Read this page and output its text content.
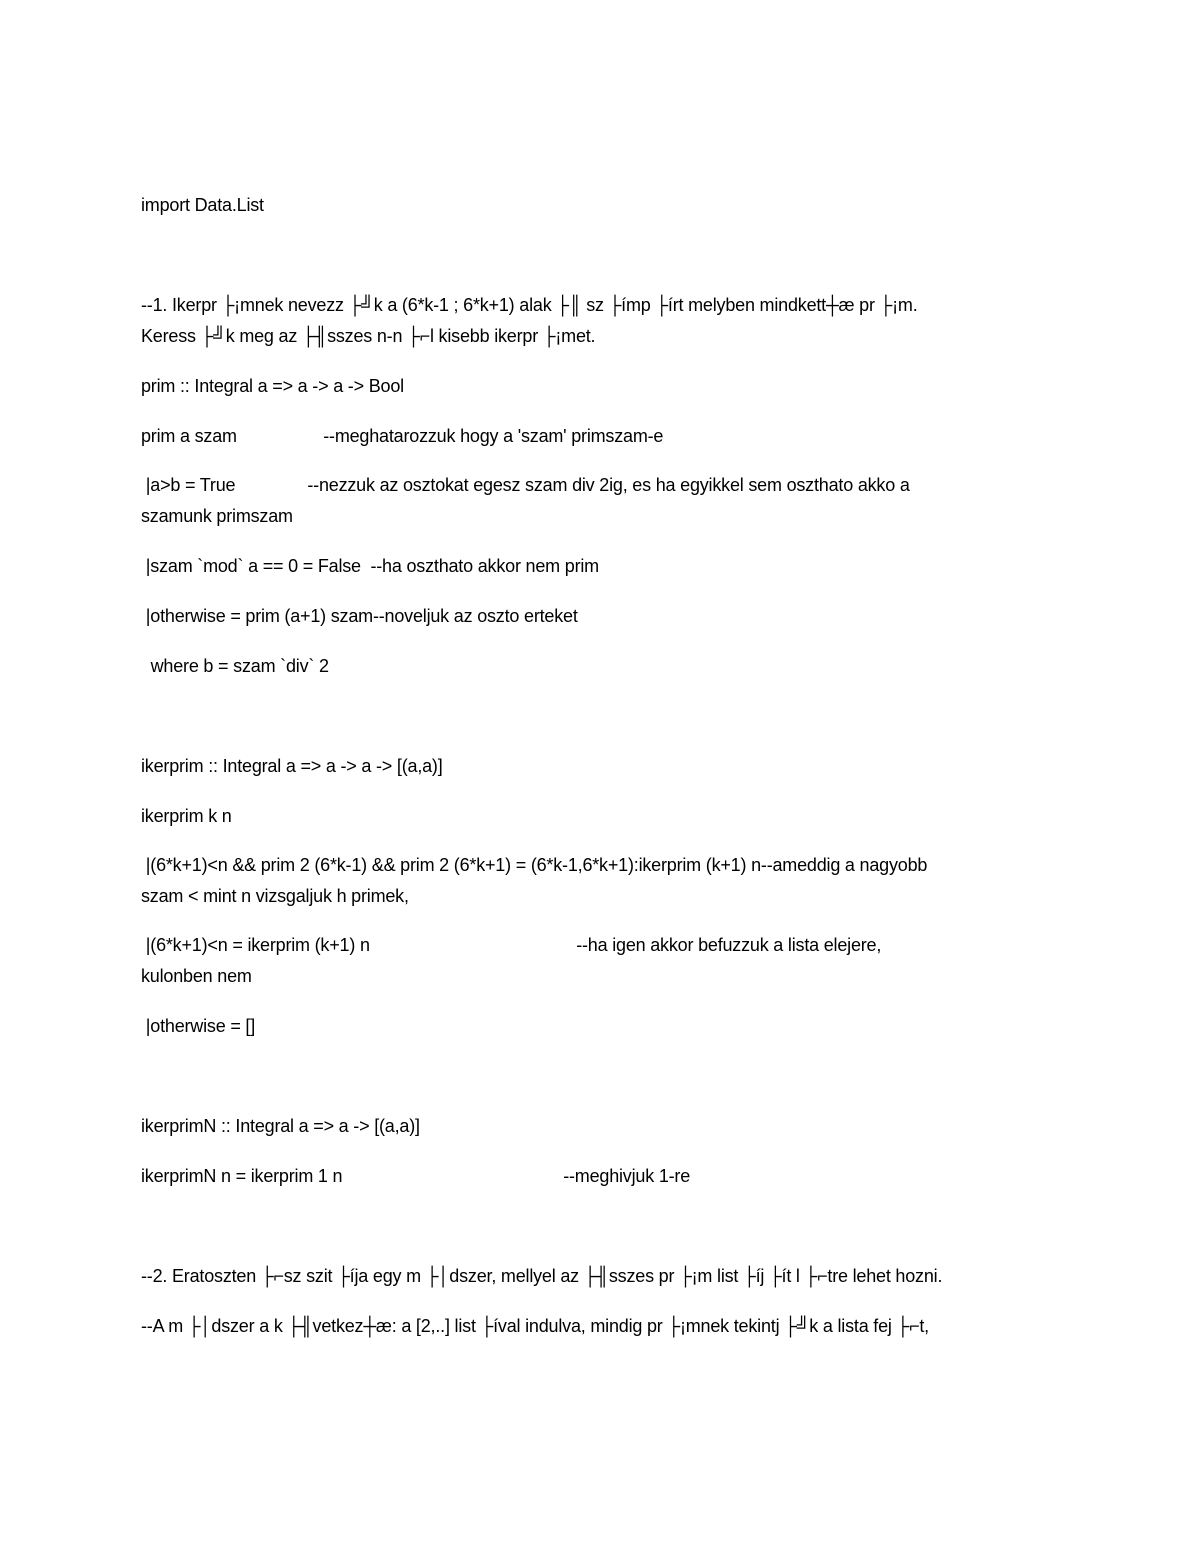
import Data.List
--1. Ikerpr ├¡mnek nevezz ├╝k a (6*k-1 ; 6*k+1) alak ├║ sz ├ímp ├írt melyben mindkett┼æ pr ├¡m.
Keress ├╝k meg az ├╢sszes n-n ├⌐l kisebb ikerpr ├¡met.
prim :: Integral a => a -> a -> Bool
prim a szam                  --meghatarozzuk hogy a 'szam' primszam-e
|a>b = True               --nezzuk az osztokat egesz szam div 2ig, es ha egyikkel sem oszthato akko a
szamunk primszam
|szam `mod` a == 0 = False  --ha oszthato akkor nem prim
|otherwise = prim (a+1) szam--noveljuk az oszto erteket
where b = szam `div` 2
ikerprim :: Integral a => a -> a -> [(a,a)]
ikerprim k n
|(6*k+1)<n && prim 2 (6*k-1) && prim 2 (6*k+1) = (6*k-1,6*k+1):ikerprim (k+1) n--ameddig a nagyobb
szam < mint n vizsgaljuk h primek,
|(6*k+1)<n = ikerprim (k+1) n                                           --ha igen akkor befuzzuk a lista elejere,
kulonben nem
|otherwise = []
ikerprimN :: Integral a => a -> [(a,a)]
ikerprimN n = ikerprim 1 n                                              --meghivjuk 1-re
--2. Eratoszten ├⌐sz szit ├íja egy m ├│dszer, mellyel az ├╢sszes pr ├¡m list ├íj ├ít l ├⌐tre lehet hozni.
--A m ├│dszer a k ├╢vetkez┼æ: a [2,..] list ├íval indulva, mindig pr ├¡mnek tekintj ├╝k a lista fej ├⌐t,
